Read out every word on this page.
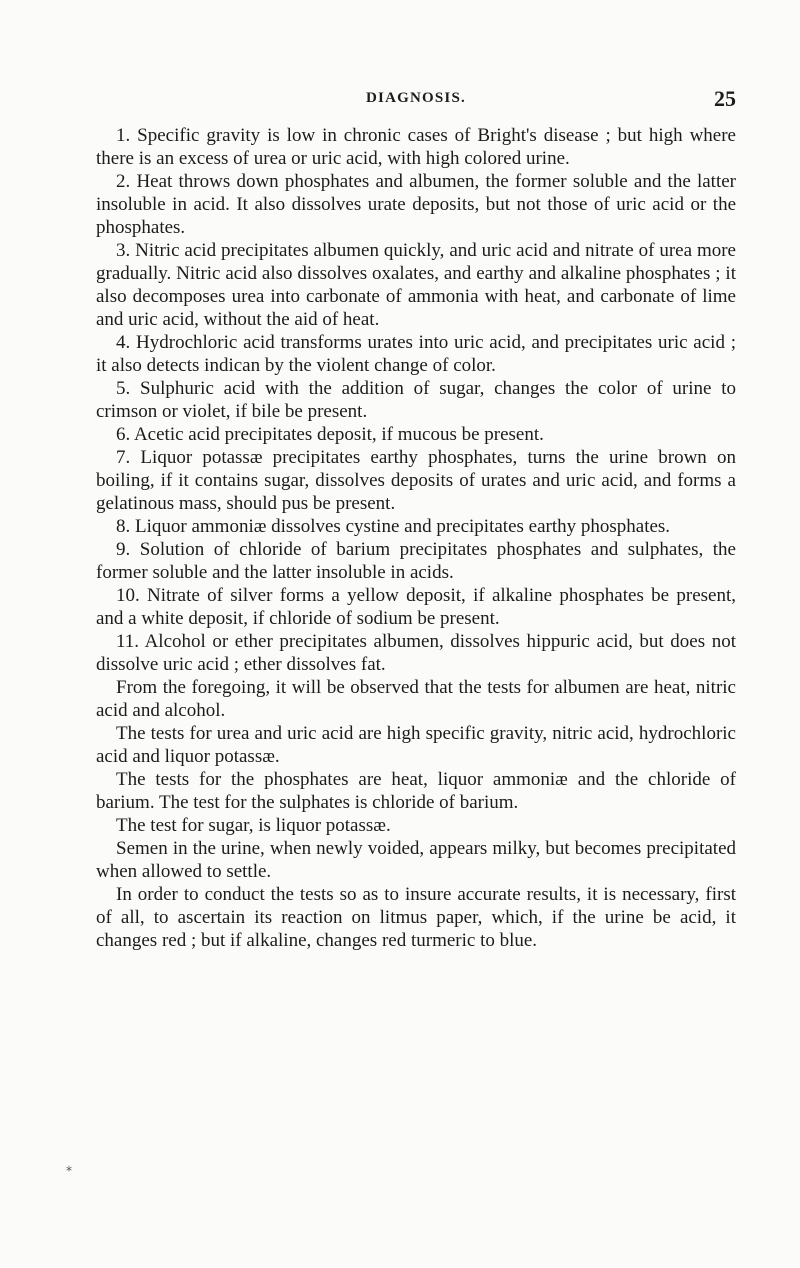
DIAGNOSIS.	25

1. Specific gravity is low in chronic cases of Bright's disease ; but high where there is an excess of urea or uric acid, with high colored urine.

2. Heat throws down phosphates and albumen, the former soluble and the latter insoluble in acid. It also dissolves urate deposits, but not those of uric acid or the phosphates.

3. Nitric acid precipitates albumen quickly, and uric acid and nitrate of urea more gradually. Nitric acid also dissolves oxalates, and earthy and alkaline phosphates ; it also decomposes urea into carbonate of ammonia with heat, and carbonate of lime and uric acid, without the aid of heat.

4. Hydrochloric acid transforms urates into uric acid, and precipitates uric acid ; it also detects indican by the violent change of color.

5. Sulphuric acid with the addition of sugar, changes the color of urine to crimson or violet, if bile be present.

6. Acetic acid precipitates deposit, if mucous be present.

7. Liquor potassæ precipitates earthy phosphates, turns the urine brown on boiling, if it contains sugar, dissolves deposits of urates and uric acid, and forms a gelatinous mass, should pus be present.

8. Liquor ammoniæ dissolves cystine and precipitates earthy phosphates.

9. Solution of chloride of barium precipitates phosphates and sulphates, the former soluble and the latter insoluble in acids.

10. Nitrate of silver forms a yellow deposit, if alkaline phosphates be present, and a white deposit, if chloride of sodium be present.

11. Alcohol or ether precipitates albumen, dissolves hippuric acid, but does not dissolve uric acid ; ether dissolves fat.

From the foregoing, it will be observed that the tests for albumen are heat, nitric acid and alcohol.

The tests for urea and uric acid are high specific gravity, nitric acid, hydrochloric acid and liquor potassæ.

The tests for the phosphates are heat, liquor ammoniæ and the chloride of barium. The test for the sulphates is chloride of barium.

The test for sugar, is liquor potassæ.

Semen in the urine, when newly voided, appears milky, but becomes precipitated when allowed to settle.

In order to conduct the tests so as to insure accurate results, it is necessary, first of all, to ascertain its reaction on litmus paper, which, if the urine be acid, it changes red ; but if alkaline, changes red turmeric to blue.

⁎
